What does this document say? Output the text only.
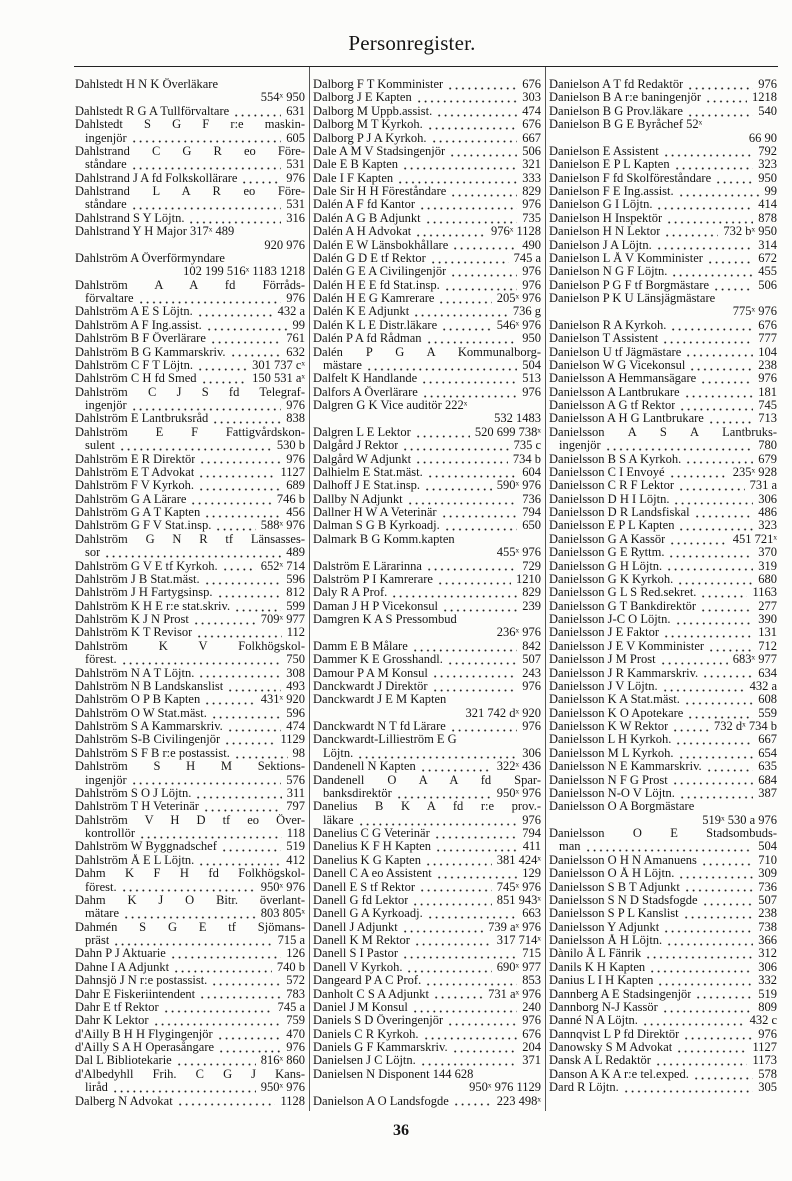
Personregister.
Dahlstedt H N K Överläkare
554ˣ 950
Dahlstedt R G A Tullförvaltare	631
Dahlstedt S G F r:e maskin-
ingenjör	605
Dahlstrand C G R eo Före-
ståndare	531
Dahlstrand J A fd Folkskollärare	976
Dahlstrand L A R eo Före-
ståndare	531
Dahlstrand S Y Löjtn.	316
Dahlstrand Y H Major 317ˣ 489
920 976
Dahlström A Överförmyndare
102 199 516ˣ 1183 1218
Dahlström A A fd Förråds-
förvaltare	976
Dahlström A E S Löjtn.	432 a
Dahlström A F Ing.assist.	99
Dahlström B F Överlärare	761
Dahlström B G Kammarskriv.	632
Dahlström C F T Löjtn.	301 737 cˣ
Dahlström C H fd Smed	150 531 aˣ
Dahlström C J S fd Telegraf-
ingenjör	976
Dahlström E Lantbruksråd	838
Dahlström E F Fattigvårdskon-
sulent	530 b
Dahlström E R Direktör	976
Dahlström E T Advokat	1127
Dahlström F V Kyrkoh.	689
Dahlström G A Lärare	746 b
Dahlström G A T Kapten	456
Dahlström G F V Stat.insp.	588ˣ 976
Dahlström G N R tf Länsasses-
sor	489
Dahlström G V E tf Kyrkoh.	652ˣ 714
Dahlström J B Stat.mäst.	596
Dahlström J H Fartygsinsp.	812
Dahlström K H E r:e stat.skriv.	599
Dahlström K J N Prost	709ˣ 977
Dahlström K T Revisor	112
Dahlström K V Folkhögskol-
förest.	750
Dahlström N A T Löjtn.	308
Dahlström N B Landskanslist	493
Dahlström O P B Kapten	431ˣ 920
Dahlström O W Stat.mäst.	596
Dahlström S A Kammarskriv.	474
Dahlström S-B Civilingenjör	1129
Dahlström S F B r:e postassist.	98
Dahlström S H M Sektions-
ingenjör	576
Dahlström S O J Löjtn.	311
Dahlström T H Veterinär	797
Dahlström V H D tf eo Över-
kontrollör	118
Dahlström W Byggnadschef	519
Dahlström Å E L Löjtn.	412
Dahm K F H fd Folkhögskol-
förest.	950ˣ 976
Dahm K J O Bitr. överlant-
mätare	803 805ˣ
Dahmén S G E tf Sjömans-
präst	715 a
Dahn P J Aktuarie	126
Dahne I A Adjunkt	740 b
Dahnsjö J N r:e postassist.	572
Dahr E Fiskeriintendent	783
Dahr E tf Rektor	745 a
Dahr K Lektor	759
d'Ailly B H H Flygingenjör	470
d'Ailly S A H Operasångare	976
Dal L Bibliotekarie	816ˣ 860
d'Albedyhll Frih. C G J Kans-
liråd	950ˣ 976
Dalberg N Advokat	1128
Dalborg F T Komminister	676
Dalborg J E Kapten	303
Dalborg M Uppb.assist.	474
Dalborg M T Kyrkoh.	676
Dalborg P J A Kyrkoh.	667
Dale A M V Stadsingenjör	506
Dale E B Kapten	321
Dale I F Kapten	333
Dale Sir H H Föreståndare	829
Dalén A F fd Kantor	976
Dalén A G B Adjunkt	735
Dalén A H Advokat	976ˣ 1128
Dalén E W Länsbokhållare	490
Dalén G D E tf Rektor	745 a
Dalén G E A Civilingenjör	976
Dalén H E E fd Stat.insp.	976
Dalén H E G Kamrerare	205ˣ 976
Dalén K E Adjunkt	736 g
Dalén K L E Distr.läkare	546ˣ 976
Dalén P A fd Rådman	950
Dalén P G A Kommunalborg-
mästare	504
Dalfelt K Handlande	513
Dalfors A Överlärare	976
Dalgren G K Vice auditör 222ˣ
532 1483
Dalgren L E Lektor	520 699 738ˣ
Dalgård J Rektor	735 c
Dalgård W Adjunkt	734 b
Dalhielm E Stat.mäst.	604
Dalhoff J E Stat.insp.	590ˣ 976
Dallby N Adjunkt	736
Dallner H W A Veterinär	794
Dalman S G B Kyrkoadj.	650
Dalmark B G Komm.kapten
455ˣ 976
Dalström E Lärarinna	729
Dalström P I Kamrerare	1210
Daly R A Prof.	829
Daman J H P Vicekonsul	239
Damgren K A S Pressombud
236ˣ 976
Damm E B Målare	842
Dammer K E Grosshandl.	507
Damour P A M Konsul	243
Danckwardt J Direktör	976
Danckwardt J E M Kapten
321 742 dˣ 920
Danckwardt N T fd Lärare	976
Danckwardt-Lillieström E G
Löjtn.	306
Dandenell N Kapten	322ˣ 436
Dandenell O A A fd Spar-
banksdirektör	950ˣ 976
Danelius B K A fd r:e prov.-
läkare	976
Danelius C G Veterinär	794
Danelius K F H Kapten	411
Danelius K G Kapten	381 424ˣ
Danell C A eo Assistent	129
Danell E S tf Rektor	745ˣ 976
Danell G fd Lektor	851 943ˣ
Danell G A Kyrkoadj.	663
Danell J Adjunkt	739 aˣ 976
Danell K M Rektor	317 714ˣ
Danell S I Pastor	715
Danell V Kyrkoh.	690ˣ 977
Dangeard P A C Prof.	853
Danholt C S A Adjunkt	731 aˣ 976
Daniel J M Konsul	240
Daniels S D Överingenjör	976
Daniels C R Kyrkoh.	676
Daniels G F Kammarskriv.	204
Danielsen J C Löjtn.	371
Danielsen N Disponent 144 628
950ˣ 976 1129
Danielson A O Landsfogde	223 498ˣ
Danielson A T fd Redaktör	976
Danielson B A r:e baningenjör	1218
Danielson B G Prov.läkare	540
Danielson B G E Byråchef 52ˣ
66 90
Danielson E Assistent	792
Danielson E P L Kapten	323
Danielson F fd Skolföreståndare	950
Danielson F E Ing.assist.	99
Danielson G I Löjtn.	414
Danielson H Inspektör	878
Danielson H N Lektor	732 bˣ 950
Danielson J A Löjtn.	314
Danielson L Å V Komminister	672
Danielson N G F Löjtn.	455
Danielson P G F tf Borgmästare	506
Danielson P K U Länsjägmästare
775ˣ 976
Danielson R A Kyrkoh.	676
Danielson T Assistent	777
Danielson U tf Jägmästare	104
Danielson W G Vicekonsul	238
Danielsson A Hemmansägare	976
Danielsson A Lantbrukare	181
Danielsson A G tf Rektor	745
Danielsson A H G Lantbrukare	713
Danielsson A S A Lantbruks-
ingenjör	780
Danielsson B S A Kyrkoh.	679
Danielsson C I Envoyé	235ˣ 928
Danielsson C R F Lektor	731 a
Danielsson D H I Löjtn.	306
Danielsson D R Landsfiskal	486
Danielsson E P L Kapten	323
Danielsson G A Kassör	451 721ˣ
Danielsson G E Ryttm.	370
Danielsson G H Löjtn.	319
Danielsson G K Kyrkoh.	680
Danielsson G L S Red.sekret.	1163
Danielsson G T Bankdirektör	277
Danielsson J-C O Löjtn.	390
Danielsson J E Faktor	131
Danielsson J E V Komminister	712
Danielsson J M Prost	683ˣ 977
Danielsson J R Kammarskriv.	634
Danielsson J V Löjtn.	432 a
Danielsson K A Stat.mäst.	608
Danielsson K O Apotekare	559
Danielsson K W Rektor	732 dˣ 734 b
Danielsson L H Kyrkoh.	667
Danielsson M L Kyrkoh.	654
Danielsson N E Kammarskriv.	635
Danielsson N F G Prost	684
Danielsson N-O V Löjtn.	387
Danielsson O A Borgmästare
519ˣ 530 a 976
Danielsson O E Stadsombuds-
man	504
Danielsson O H N Amanuens	710
Danielsson O Å H Löjtn.	309
Danielsson S B T Adjunkt	736
Danielsson S N D Stadsfogde	507
Danielsson S P L Kanslist	238
Danielsson Y Adjunkt	738
Danielsson Å H Löjtn.	366
Dànilo Å L Fänrik	312
Danils K H Kapten	306
Danius L I H Kapten	332
Dannberg A E Stadsingenjör	519
Dannborg N-J Kassör	809
Danné N A Löjtn.	432 c
Dannqvist L P fd Direktör	976
Danowsky S M Advokat	1127
Dansk A L Redaktör	1173
Danson A K A r:e tel.exped.	578
Dard R Löjtn.	305
36
